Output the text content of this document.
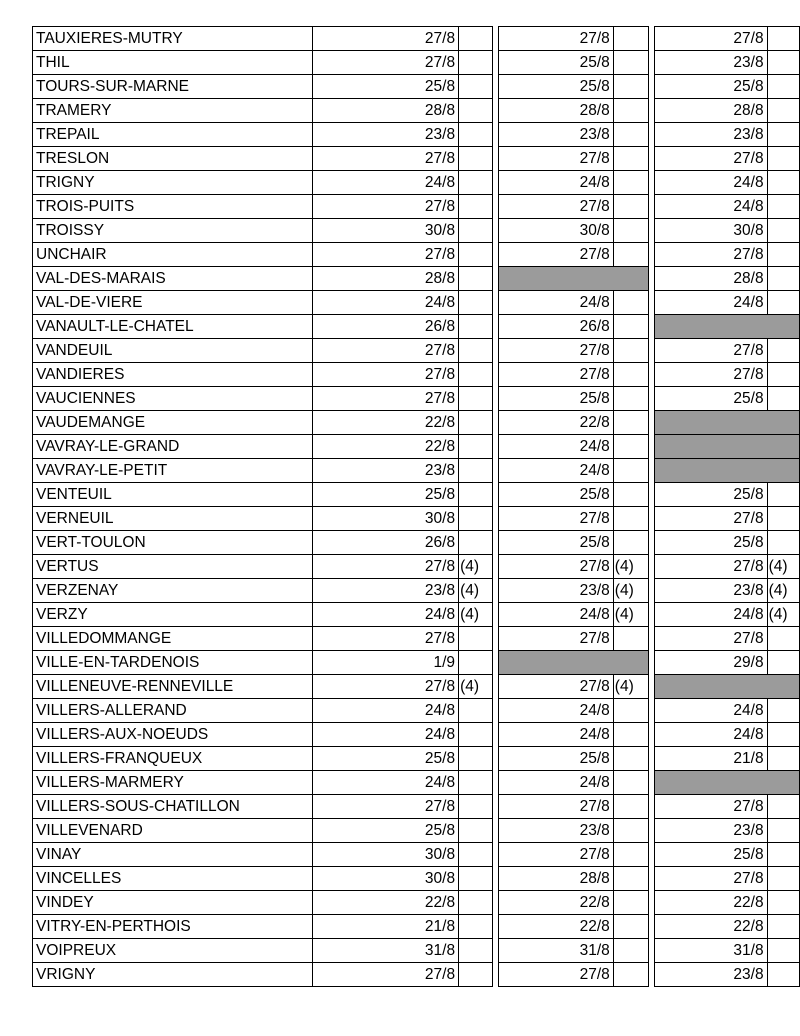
TAUXIERES-MUTRY	27/8			27/8			27/8	
THIL	27/8			25/8			23/8	
TOURS-SUR-MARNE	25/8			25/8			25/8	
TRAMERY	28/8			28/8			28/8	
TREPAIL	23/8			23/8			23/8	
TRESLON	27/8			27/8			27/8	
TRIGNY	24/8			24/8			24/8	
TROIS-PUITS	27/8			27/8			24/8	
TROISSY	30/8			30/8			30/8	
UNCHAIR	27/8			27/8			27/8	
VAL-DES-MARAIS	28/8						28/8	
VAL-DE-VIERE	24/8			24/8			24/8	
VANAULT-LE-CHATEL	26/8			26/8				
VANDEUIL	27/8			27/8			27/8	
VANDIERES	27/8			27/8			27/8	
VAUCIENNES	27/8			25/8			25/8	
VAUDEMANGE	22/8			22/8				
VAVRAY-LE-GRAND	22/8			24/8				
VAVRAY-LE-PETIT	23/8			24/8				
VENTEUIL	25/8			25/8			25/8	
VERNEUIL	30/8			27/8			27/8	
VERT-TOULON	26/8			25/8			25/8	
VERTUS	27/8	(4)		27/8	(4)		27/8	(4)
VERZENAY	23/8	(4)		23/8	(4)		23/8	(4)
VERZY	24/8	(4)		24/8	(4)		24/8	(4)
VILLEDOMMANGE	27/8			27/8			27/8	
VILLE-EN-TARDENOIS	1/9						29/8	
VILLENEUVE-RENNEVILLE	27/8	(4)		27/8	(4)			
VILLERS-ALLERAND	24/8			24/8			24/8	
VILLERS-AUX-NOEUDS	24/8			24/8			24/8	
VILLERS-FRANQUEUX	25/8			25/8			21/8	
VILLERS-MARMERY	24/8			24/8				
VILLERS-SOUS-CHATILLON	27/8			27/8			27/8	
VILLEVENARD	25/8			23/8			23/8	
VINAY	30/8			27/8			25/8	
VINCELLES	30/8			28/8			27/8	
VINDEY	22/8			22/8			22/8	
VITRY-EN-PERTHOIS	21/8			22/8			22/8	
VOIPREUX	31/8			31/8			31/8	
VRIGNY	27/8			27/8			23/8	
